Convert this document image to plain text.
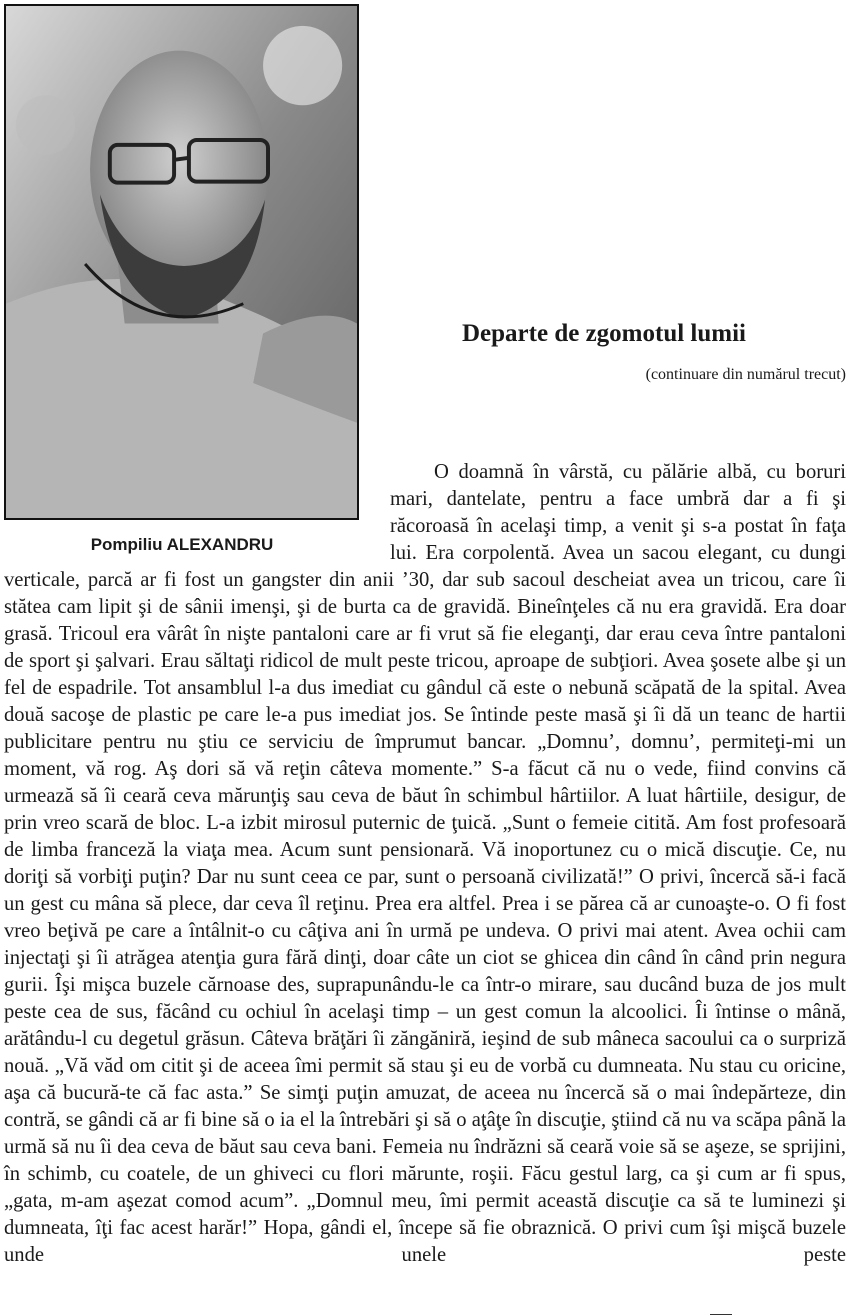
Pompiliu ALEXANDRU
Departe de zgomotul lumii
(continuare din numărul trecut)

O doamnă în vârstă, cu pălărie albă, cu boruri mari, dantelate, pentru a face umbră dar a fi şi răcoroasă în acelaşi timp, a venit şi s-a postat în faţa lui. Era corpolentă. Avea un sacou elegant, cu dungi verticale, parcă ar fi fost un gangster din anii ’30, dar sub sacoul descheiat avea un tricou, care îi stătea cam lipit şi de sânii imenşi, şi de burta ca de gravidă. Bineînţeles că nu era gravidă. Era doar grasă. Tricoul era vârât în nişte pantaloni care ar fi vrut să fie eleganţi, dar erau ceva între pantaloni de sport şi şalvari. Erau săltaţi ridicol de mult peste tricou, aproape de subţiori. Avea şosete albe şi un fel de espadrile. Tot ansamblul l-a dus imediat cu gândul că este o nebună scăpată de la spital. Avea două sacoşe de plastic pe care le-a pus imediat jos. Se întinde peste masă şi îi dă un teanc de hartii publicitare pentru nu ştiu ce serviciu de împrumut bancar. „Domnu’, domnu’, permiteţi-mi un moment, vă rog. Aş dori să vă reţin câteva momente.” S-a făcut că nu o vede, fiind convins că urmează să îi ceară ceva mărunţiş sau ceva de băut în schimbul hârtiilor. A luat hârtiile, desigur, de prin vreo scară de bloc. L-a izbit mirosul puternic de ţuică. „Sunt o femeie citită. Am fost profesoară de limba franceză la viaţa mea. Acum sunt pensionară. Vă inoportunez cu o mică discuţie. Ce, nu doriţi să vorbiţi puţin? Dar nu sunt ceea ce par, sunt o persoană civilizată!” O privi, încercă să-i facă un gest cu mâna să plece, dar ceva îl reţinu. Prea era altfel. Prea i se părea că ar cunoaşte-o. O fi fost vreo beţivă pe care a întâlnit-o cu câţiva ani în urmă pe undeva. O privi mai atent. Avea ochii cam injectaţi şi îi atrăgea atenţia gura fără dinţi, doar câte un ciot se ghicea din când în când prin negura gurii. Îşi mişca buzele cărnoase des, suprapunându-le ca într-o mirare, sau ducând buza de jos mult peste cea de sus, făcând cu ochiul în acelaşi timp – un gest comun la alcoolici. Îi întinse o mână, arătându-l cu degetul grăsun. Câteva brăţări îi zăngăniră, ieşind de sub mâneca sacoului ca o surpriză nouă. „Vă văd om citit şi de aceea îmi permit să stau şi eu de vorbă cu dumneata. Nu stau cu oricine, aşa că bucură-te că fac asta.” Se simţi puţin amuzat, de aceea nu încercă să o mai îndepărteze, din contră, se gândi că ar fi bine să o ia el la întrebări şi să o aţâţe în discuţie, ştiind că nu va scăpa până la urmă să nu îi dea ceva de băut sau ceva bani. Femeia nu îndrăzni să ceară voie să se aşeze, se sprijini, în schimb, cu coatele, de un ghiveci cu flori mărunte, roşii. Făcu gestul larg, ca şi cum ar fi spus, „gata, m-am aşezat comod acum”. „Domnul meu, îmi permit această discuţie ca să te luminezi şi dumneata, îţi fac acest harăr!” Hopa, gândi el, începe să fie obraznică. O privi cum îşi mişcă buzele unde unele peste
